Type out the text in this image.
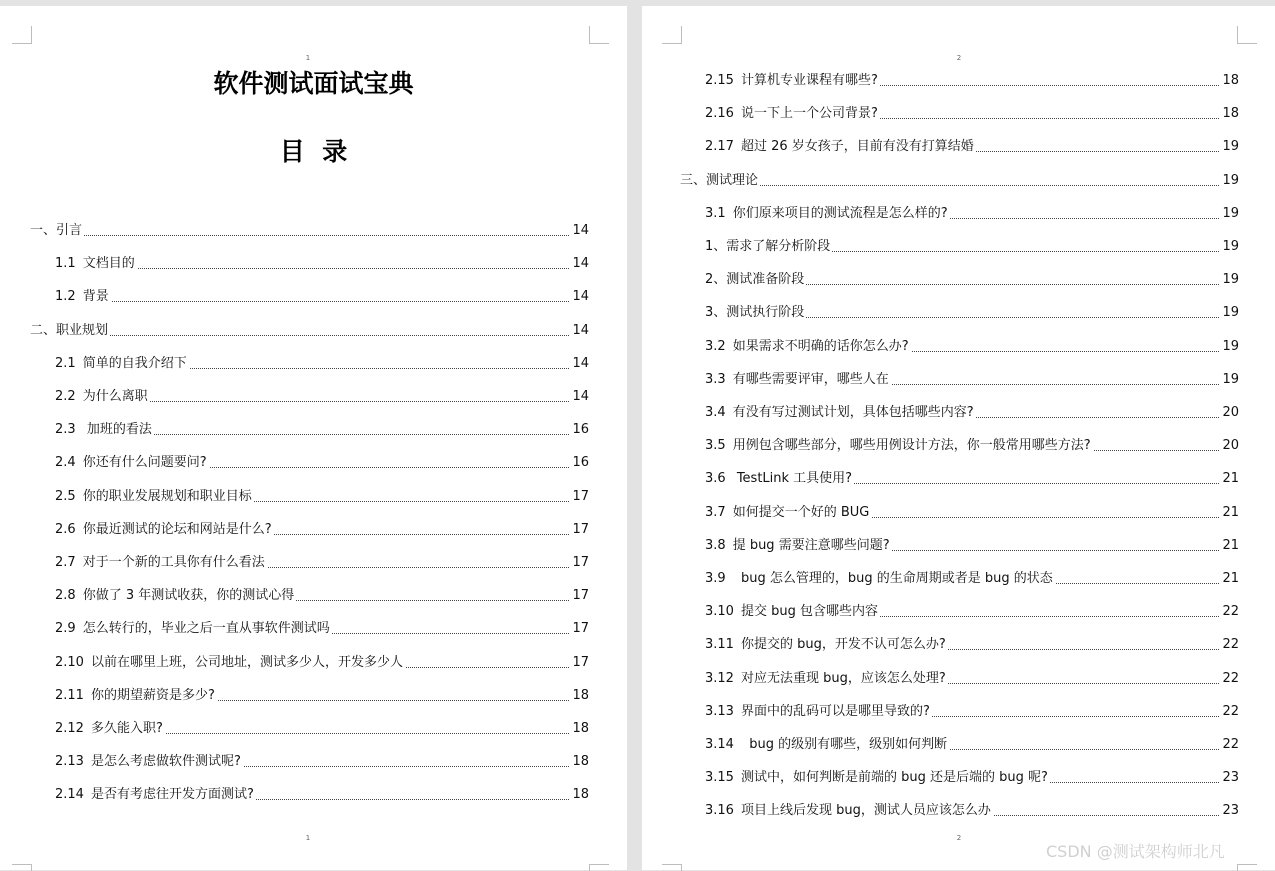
1
软件测试面试宝典
目  录
一、引言	14
1.1 文档目的	14
1.2 背景	14
二、职业规划	14
2.1 简单的自我介绍下	14
2.2 为什么离职	14
2.3 加班的看法	16
2.4 你还有什么问题要问?	16
2.5 你的职业发展规划和职业目标	17
2.6 你最近测试的论坛和网站是什么?	17
2.7 对于一个新的工具你有什么看法	17
2.8 你做了 3 年测试收获，你的测试心得	17
2.9 怎么转行的，毕业之后一直从事软件测试吗	17
2.10 以前在哪里上班，公司地址，测试多少人，开发多少人	17
2.11 你的期望薪资是多少?	18
2.12 多久能入职?	18
2.13 是怎么考虑做软件测试呢?	18
2.14 是否有考虑往开发方面测试?	18
1
2
2.15 计算机专业课程有哪些?	18
2.16 说一下上一个公司背景?	18
2.17 超过 26 岁女孩子，目前有没有打算结婚	19
三、测试理论	19
3.1 你们原来项目的测试流程是怎么样的?	19
1、需求了解分析阶段	19
2、测试准备阶段	19
3、测试执行阶段	19
3.2 如果需求不明确的话你怎么办?	19
3.3 有哪些需要评审，哪些人在	19
3.4 有没有写过测试计划，具体包括哪些内容?	20
3.5 用例包含哪些部分，哪些用例设计方法，你一般常用哪些方法?	20
3.6 TestLink 工具使用?	21
3.7 如何提交一个好的 BUG	21
3.8 提 bug 需要注意哪些问题?	21
3.9  bug 怎么管理的，bug 的生命周期或者是 bug 的状态	21
3.10 提交 bug 包含哪些内容	22
3.11 你提交的 bug，开发不认可怎么办?	22
3.12 对应无法重现 bug，应该怎么处理?	22
3.13 界面中的乱码可以是哪里导致的?	22
3.14  bug 的级别有哪些，级别如何判断	22
3.15 测试中，如何判断是前端的 bug 还是后端的 bug 呢?	23
3.16 项目上线后发现 bug，测试人员应该怎么办	23
2
CSDN @测试架构师北凡
